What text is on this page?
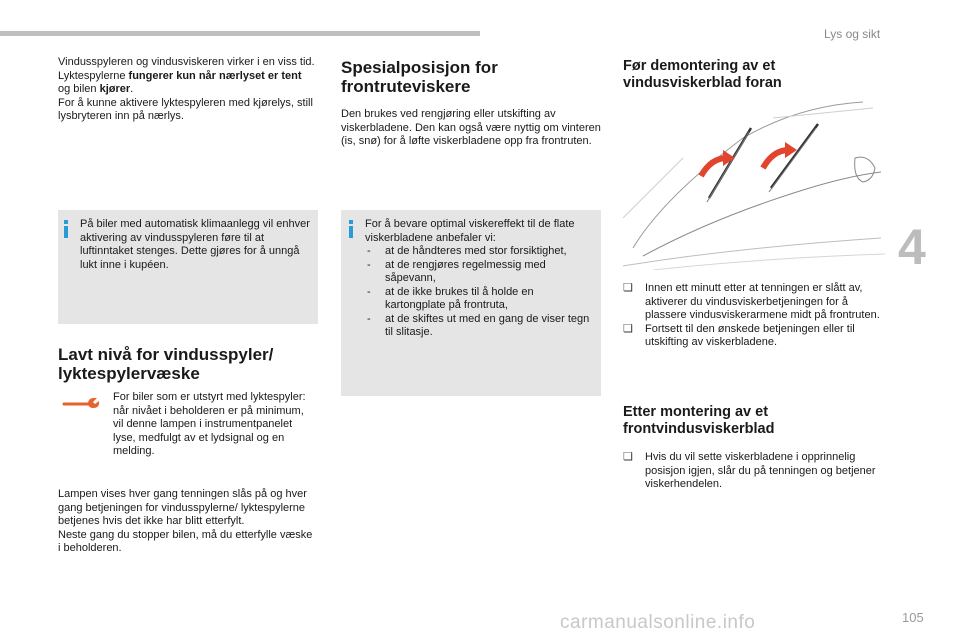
Lys og sikt
4
105

Vindusspyleren og vindusviskeren virker i en viss tid.

Lyktespylerne fungerer kun når nærlyset er tent og bilen kjører.

For å kunne aktivere lyktespyleren med kjørelys, still lysbryteren inn på nærlys.

På biler med automatisk klimaanlegg vil enhver aktivering av vindusspyleren føre til at luftinntaket stenges. Dette gjøres for å unngå lukt inne i kupéen.

Lavt nivå for vindusspyler/ lyktespylervæske
For biler som er utstyrt med lyktespyler: når nivået i beholderen er på minimum, vil denne lampen i instrumentpanelet lyse, medfulgt av et lydsignal og en melding.

Lampen vises hver gang tenningen slås på og hver gang betjeningen for vindusspylerne/ lyktespylerne betjenes hvis det ikke har blitt etterfylt.

Neste gang du stopper bilen, må du etterfylle væske i beholderen.

Spesialposisjon for frontruteviskere

Den brukes ved rengjøring eller utskifting av viskerbladene. Den kan også være nyttig om vinteren (is, snø) for å løfte viskerbladene opp fra frontruten.

For å bevare optimal viskereffekt til de flate viskerbladene anbefaler vi:

- at de håndteres med stor forsiktighet,
- at de rengjøres regelmessig med såpevann,
- at de ikke brukes til å holde en kartongplate på frontruta,
- at de skiftes ut med en gang de viser tegn til slitasje.
Før demontering av et vindusviskerblad foran
❏ Innen ett minutt etter at tenningen er slått av, aktiverer du vindusviskerbetjeningen for å plassere vindusviskerarmene midt på frontruten.
❏ Fortsett til den ønskede betjeningen eller til utskifting av viskerbladene.
Etter montering av et frontvindusviskerblad
❏ Hvis du vil sette viskerbladene i opprinnelig posisjon igjen, slår du på tenningen og betjener viskerhendelen.
carmanualsonline.info
